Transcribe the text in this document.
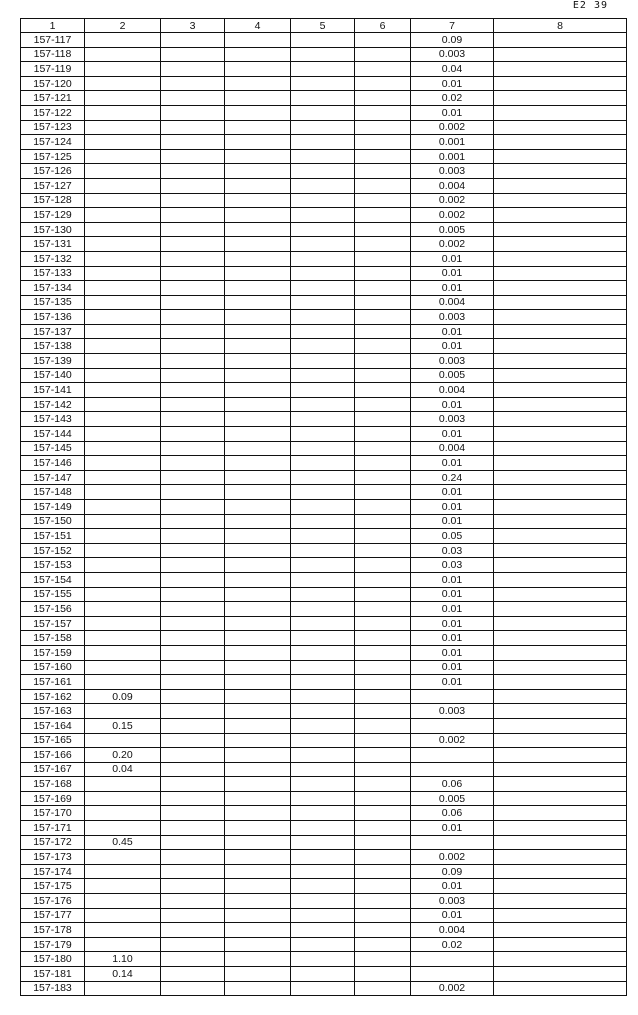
E2 39
1	2	3	4	5	6	7	8
157-117						0.09	
157-118						0.003	
157-119						0.04	
157-120						0.01	
157-121						0.02	
157-122						0.01	
157-123						0.002	
157-124						0.001	
157-125						0.001	
157-126						0.003	
157-127						0.004	
157-128						0.002	
157-129						0.002	
157-130						0.005	
157-131						0.002	
157-132						0.01	
157-133						0.01	
157-134						0.01	
157-135						0.004	
157-136						0.003	
157-137						0.01	
157-138						0.01	
157-139						0.003	
157-140						0.005	
157-141						0.004	
157-142						0.01	
157-143						0.003	
157-144						0.01	
157-145						0.004	
157-146						0.01	
157-147						0.24	
157-148						0.01	
157-149						0.01	
157-150						0.01	
157-151						0.05	
157-152						0.03	
157-153						0.03	
157-154						0.01	
157-155						0.01	
157-156						0.01	
157-157						0.01	
157-158						0.01	
157-159						0.01	
157-160						0.01	
157-161						0.01	
157-162	0.09						
157-163						0.003	
157-164	0.15						
157-165						0.002	
157-166	0.20						
157-167	0.04						
157-168						0.06	
157-169						0.005	
157-170						0.06	
157-171						0.01	
157-172	0.45						
157-173						0.002	
157-174						0.09	
157-175						0.01	
157-176						0.003	
157-177						0.01	
157-178						0.004	
157-179						0.02	
157-180	1.10						
157-181	0.14						
157-183						0.002	
